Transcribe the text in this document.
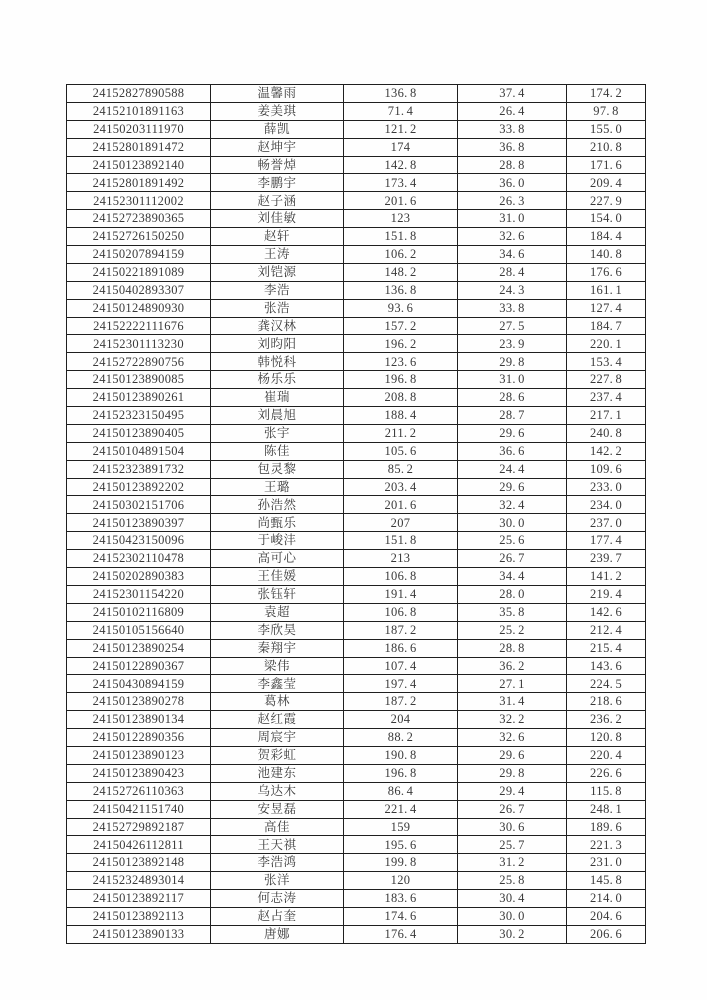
24152827890588	温馨雨	136. 8	37. 4	174. 2
24152101891163	姜美琪	71. 4	26. 4	97. 8
24150203111970	薛凯	121. 2	33. 8	155. 0
24152801891472	赵坤宇	174	36. 8	210. 8
24150123892140	畅誉焯	142. 8	28. 8	171. 6
24152801891492	李鹏宇	173. 4	36. 0	209. 4
24152301112002	赵子涵	201. 6	26. 3	227. 9
24152723890365	刘佳敏	123	31. 0	154. 0
24152726150250	赵轩	151. 8	32. 6	184. 4
24150207894159	王涛	106. 2	34. 6	140. 8
24150221891089	刘铠源	148. 2	28. 4	176. 6
24150402893307	李浩	136. 8	24. 3	161. 1
24150124890930	张浩	93. 6	33. 8	127. 4
24152222111676	龚汉林	157. 2	27. 5	184. 7
24152301113230	刘昀阳	196. 2	23. 9	220. 1
24152722890756	韩悦科	123. 6	29. 8	153. 4
24150123890085	杨乐乐	196. 8	31. 0	227. 8
24150123890261	崔瑞	208. 8	28. 6	237. 4
24152323150495	刘晨旭	188. 4	28. 7	217. 1
24150123890405	张宇	211. 2	29. 6	240. 8
24150104891504	陈佳	105. 6	36. 6	142. 2
24152323891732	包灵黎	85. 2	24. 4	109. 6
24150123892202	王璐	203. 4	29. 6	233. 0
24150302151706	孙浩然	201. 6	32. 4	234. 0
24150123890397	尚甄乐	207	30. 0	237. 0
24150423150096	于峻沣	151. 8	25. 6	177. 4
24152302110478	高可心	213	26. 7	239. 7
24150202890383	王佳媛	106. 8	34. 4	141. 2
24152301154220	张钰轩	191. 4	28. 0	219. 4
24150102116809	袁超	106. 8	35. 8	142. 6
24150105156640	李欣昊	187. 2	25. 2	212. 4
24150123890254	秦翔宇	186. 6	28. 8	215. 4
24150122890367	梁伟	107. 4	36. 2	143. 6
24150430894159	李鑫莹	197. 4	27. 1	224. 5
24150123890278	葛林	187. 2	31. 4	218. 6
24150123890134	赵红霞	204	32. 2	236. 2
24150122890356	周宸宇	88. 2	32. 6	120. 8
24150123890123	贺彩虹	190. 8	29. 6	220. 4
24150123890423	池建东	196. 8	29. 8	226. 6
24152726110363	乌达木	86. 4	29. 4	115. 8
24150421151740	安昱磊	221. 4	26. 7	248. 1
24152729892187	高佳	159	30. 6	189. 6
24150426112811	王天祺	195. 6	25. 7	221. 3
24150123892148	李浩鸿	199. 8	31. 2	231. 0
24152324893014	张洋	120	25. 8	145. 8
24150123892117	何志涛	183. 6	30. 4	214. 0
24150123892113	赵占奎	174. 6	30. 0	204. 6
24150123890133	唐娜	176. 4	30. 2	206. 6
